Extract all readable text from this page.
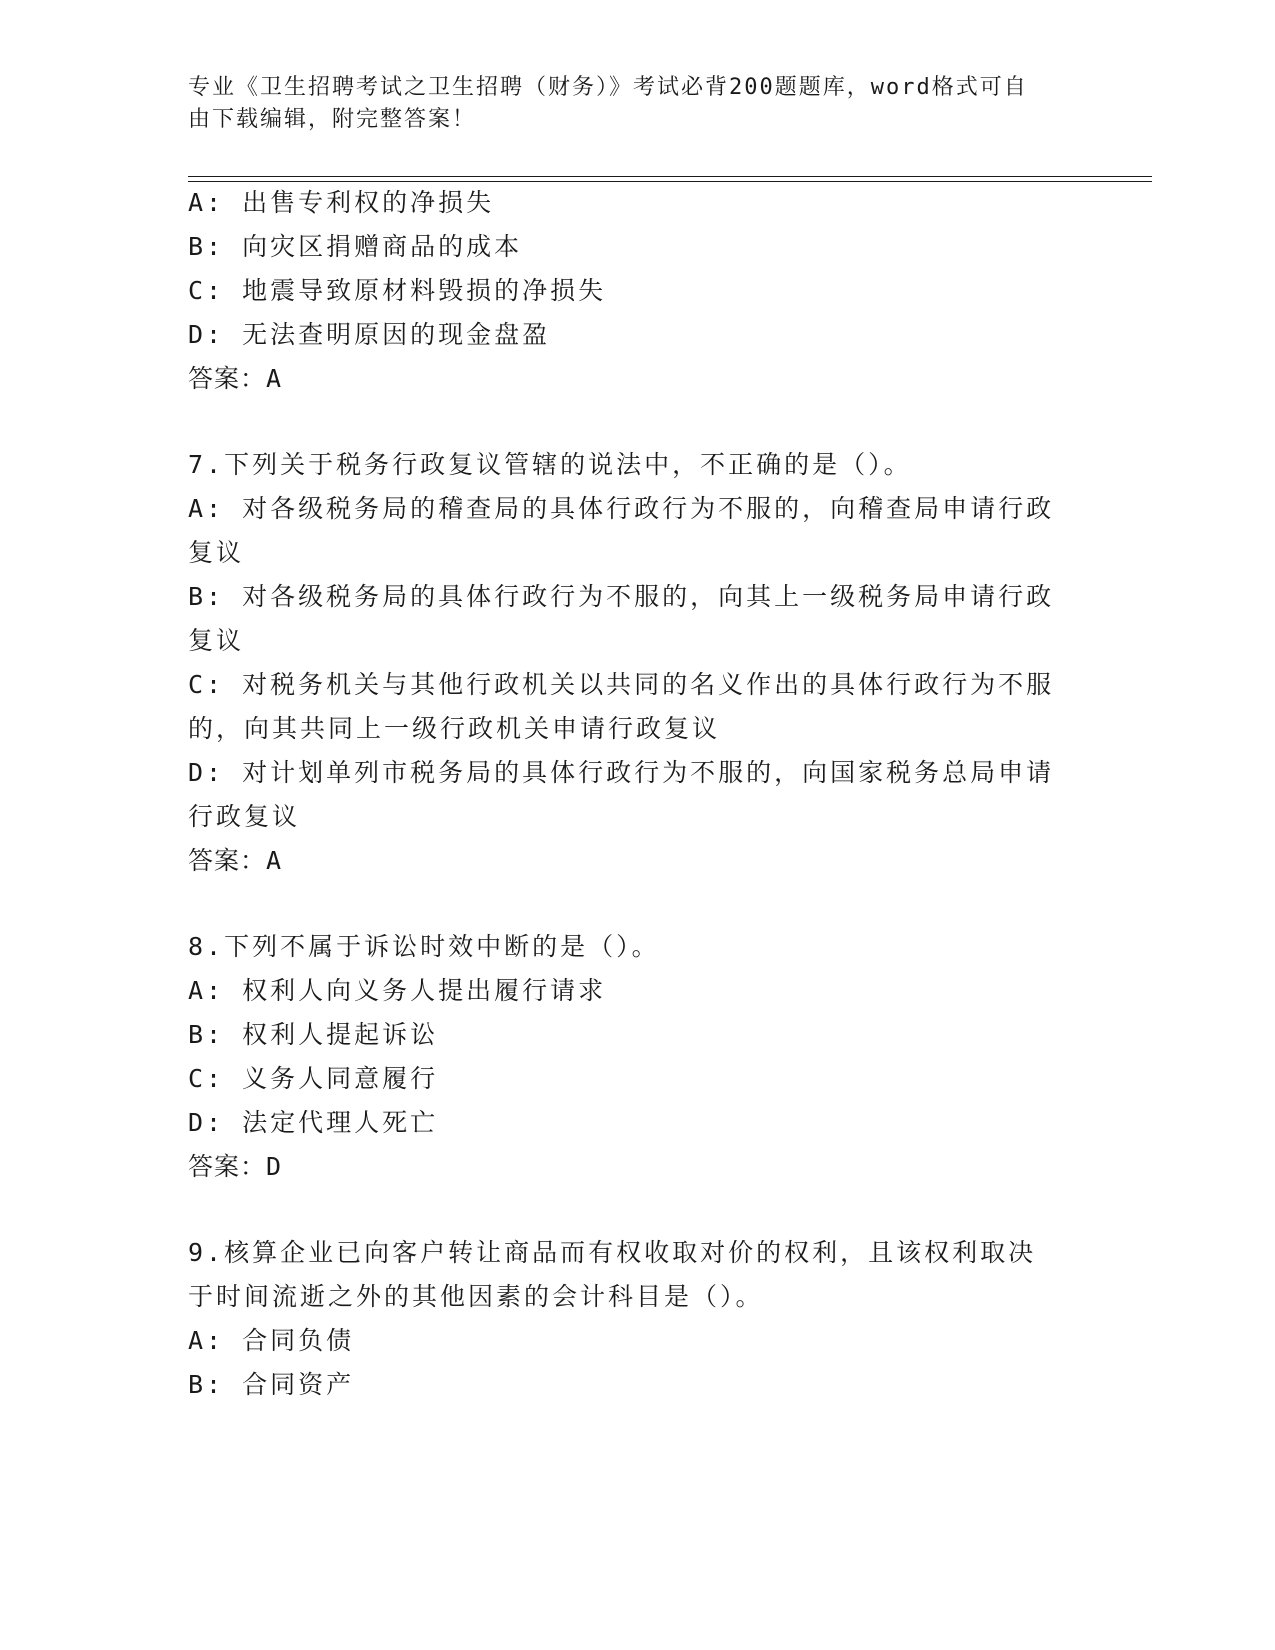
专业《卫生招聘考试之卫生招聘（财务）》考试必背200题题库，word格式可自
由下载编辑，附完整答案！
A: 出售专利权的净损失
B: 向灾区捐赠商品的成本
C: 地震导致原材料毁损的净损失
D: 无法查明原因的现金盘盈
答案：A
7.下列关于税务行政复议管辖的说法中，不正确的是（）。
A: 对各级税务局的稽查局的具体行政行为不服的，向稽查局申请行政
复议
B: 对各级税务局的具体行政行为不服的，向其上一级税务局申请行政
复议
C: 对税务机关与其他行政机关以共同的名义作出的具体行政行为不服
的，向其共同上一级行政机关申请行政复议
D: 对计划单列市税务局的具体行政行为不服的，向国家税务总局申请
行政复议
答案：A
8.下列不属于诉讼时效中断的是（）。
A: 权利人向义务人提出履行请求
B: 权利人提起诉讼
C: 义务人同意履行
D: 法定代理人死亡
答案：D
9.核算企业已向客户转让商品而有权收取对价的权利，且该权利取决
于时间流逝之外的其他因素的会计科目是（）。
A: 合同负债
B: 合同资产
